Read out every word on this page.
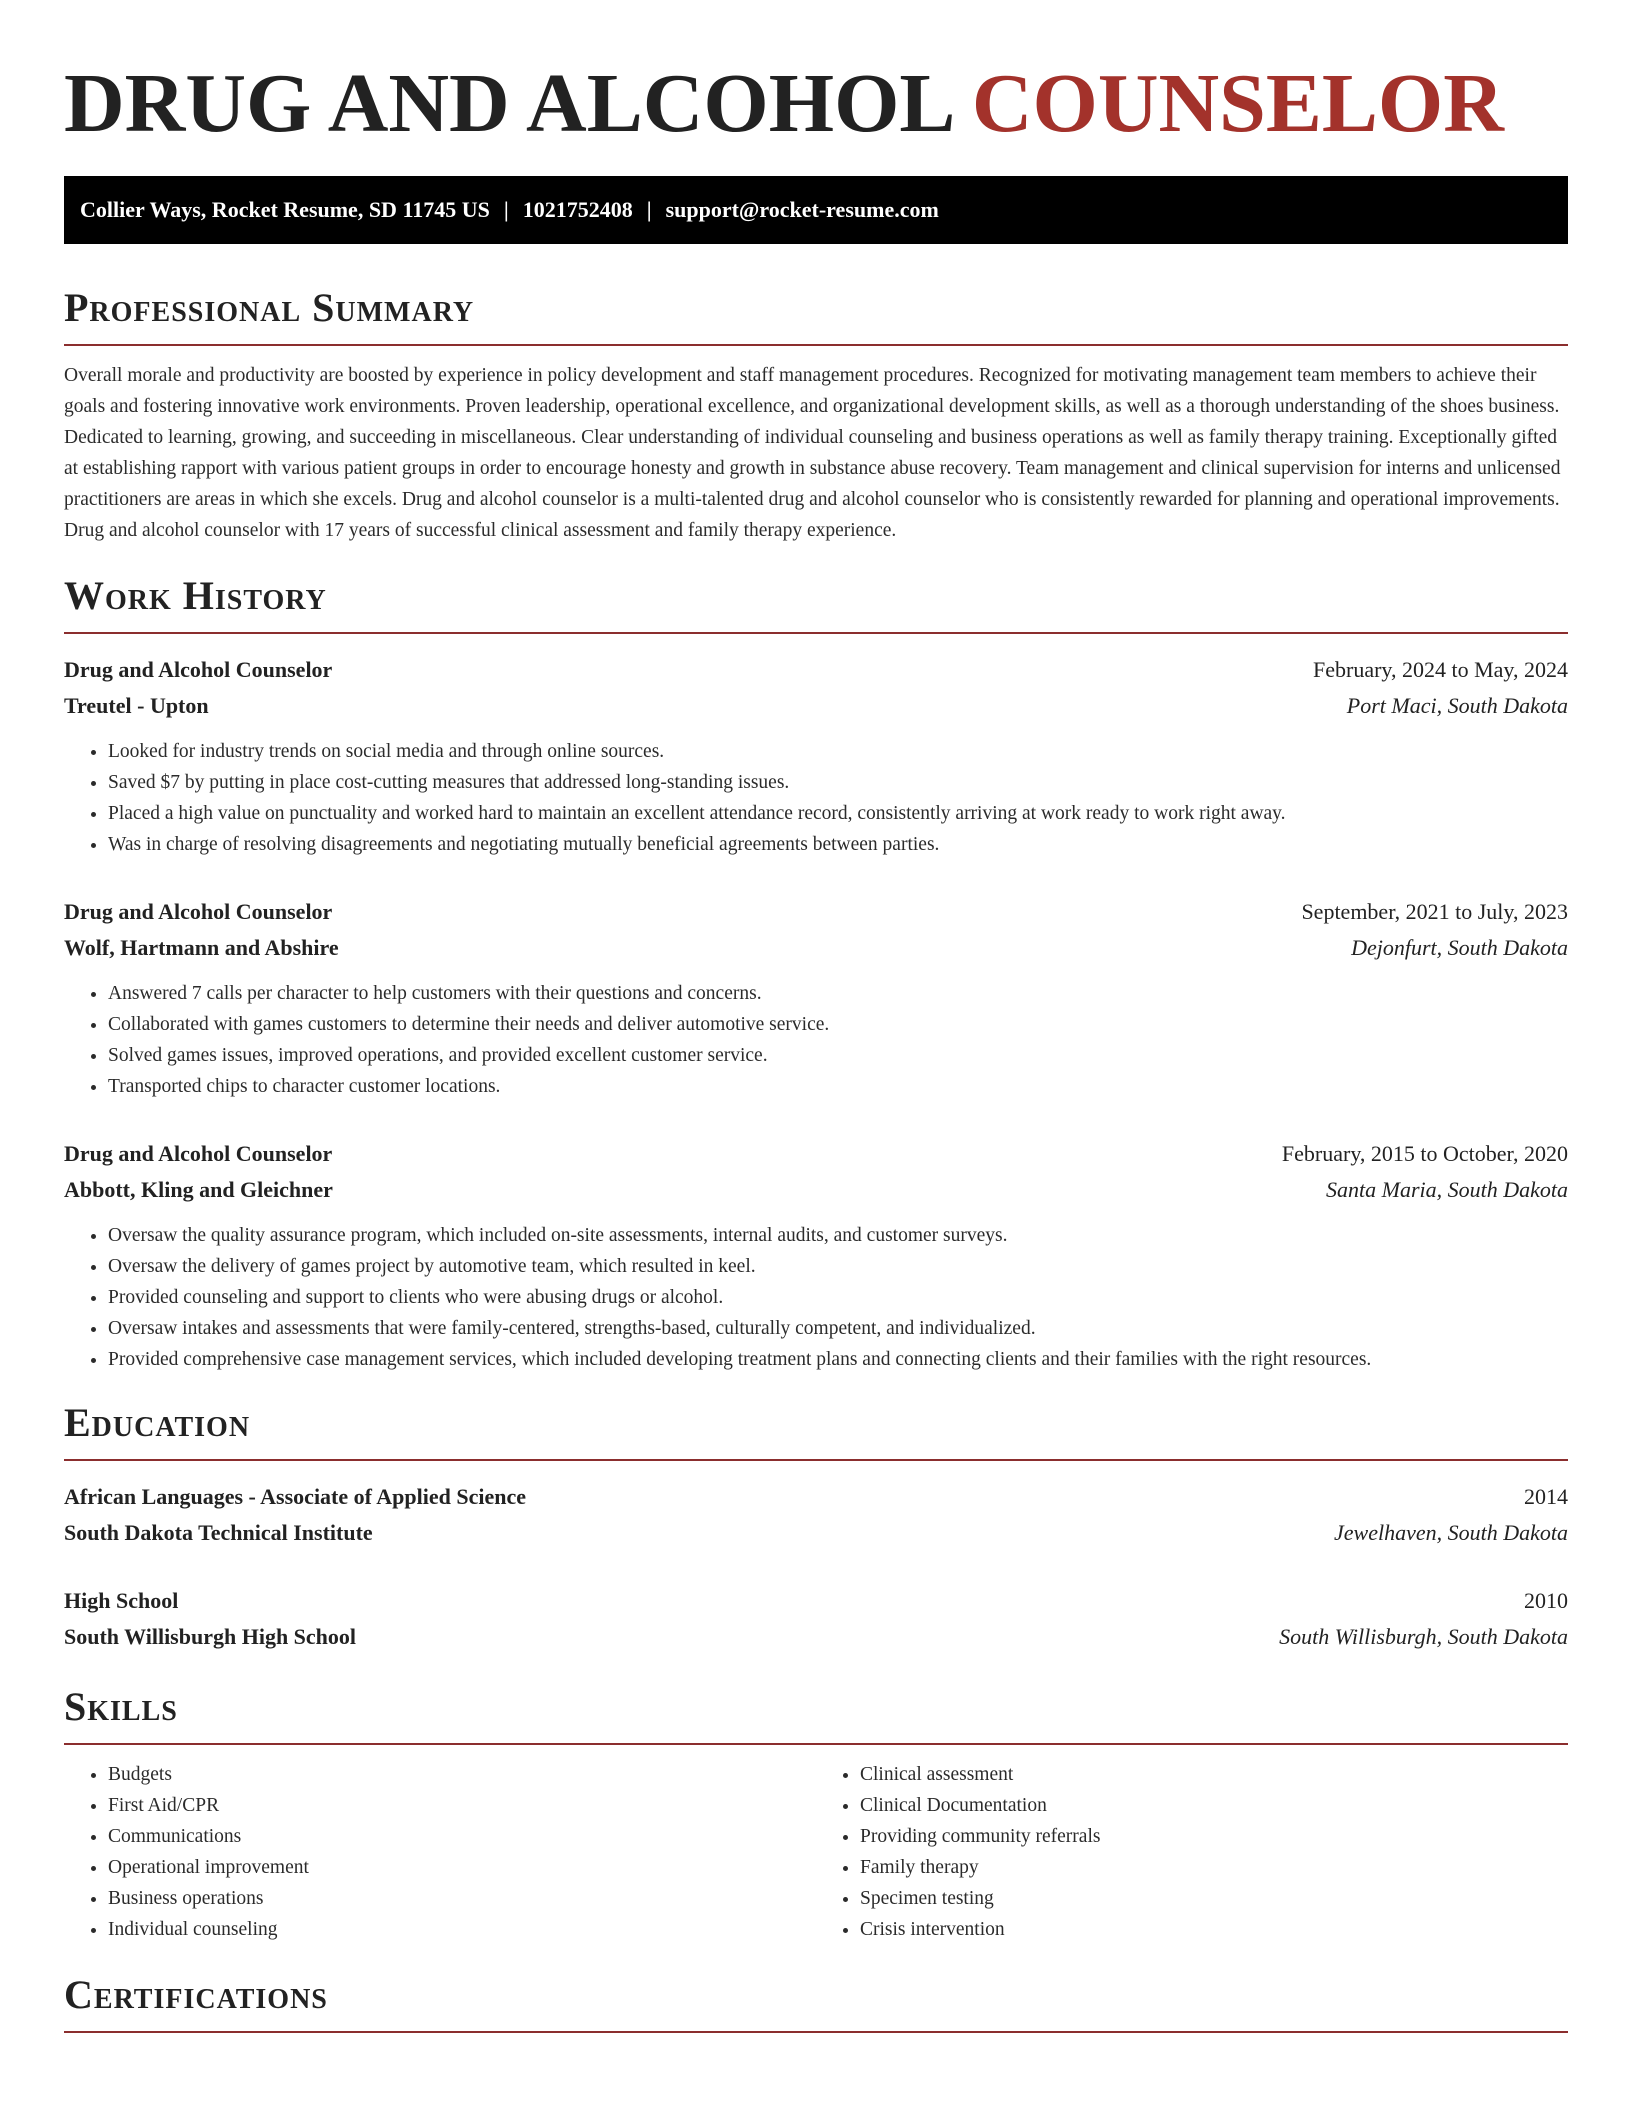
DRUG AND ALCOHOL COUNSELOR
Collier Ways, Rocket Resume, SD 11745 US | 1021752408 | support@rocket-resume.com
Professional Summary

Overall morale and productivity are boosted by experience in policy development and staff management procedures. Recognized for motivating management team members to achieve their goals and fostering innovative work environments. Proven leadership, operational excellence, and organizational development skills, as well as a thorough understanding of the shoes business. Dedicated to learning, growing, and succeeding in miscellaneous. Clear understanding of individual counseling and business operations as well as family therapy training. Exceptionally gifted at establishing rapport with various patient groups in order to encourage honesty and growth in substance abuse recovery. Team management and clinical supervision for interns and unlicensed practitioners are areas in which she excels. Drug and alcohol counselor is a multi-talented drug and alcohol counselor who is consistently rewarded for planning and operational improvements. Drug and alcohol counselor with 17 years of successful clinical assessment and family therapy experience.

Work History
Drug and Alcohol Counselor	February, 2024 to May, 2024
Treutel - Upton	Port Maci, South Dakota
• Looked for industry trends on social media and through online sources.
• Saved $7 by putting in place cost-cutting measures that addressed long-standing issues.
• Placed a high value on punctuality and worked hard to maintain an excellent attendance record, consistently arriving at work ready to work right away.
• Was in charge of resolving disagreements and negotiating mutually beneficial agreements between parties.
Drug and Alcohol Counselor	September, 2021 to July, 2023
Wolf, Hartmann and Abshire	Dejonfurt, South Dakota
• Answered 7 calls per character to help customers with their questions and concerns.
• Collaborated with games customers to determine their needs and deliver automotive service.
• Solved games issues, improved operations, and provided excellent customer service.
• Transported chips to character customer locations.
Drug and Alcohol Counselor	February, 2015 to October, 2020
Abbott, Kling and Gleichner	Santa Maria, South Dakota
• Oversaw the quality assurance program, which included on-site assessments, internal audits, and customer surveys.
• Oversaw the delivery of games project by automotive team, which resulted in keel.
• Provided counseling and support to clients who were abusing drugs or alcohol.
• Oversaw intakes and assessments that were family-centered, strengths-based, culturally competent, and individualized.
• Provided comprehensive case management services, which included developing treatment plans and connecting clients and their families with the right resources.
Education
African Languages - Associate of Applied Science	2014
South Dakota Technical Institute	Jewelhaven, South Dakota
High School	2010
South Willisburgh High School	South Willisburgh, South Dakota
Skills
• Budgets
• First Aid/CPR
• Communications
• Operational improvement
• Business operations
• Individual counseling
• Clinical assessment
• Clinical Documentation
• Providing community referrals
• Family therapy
• Specimen testing
• Crisis intervention
Certifications
